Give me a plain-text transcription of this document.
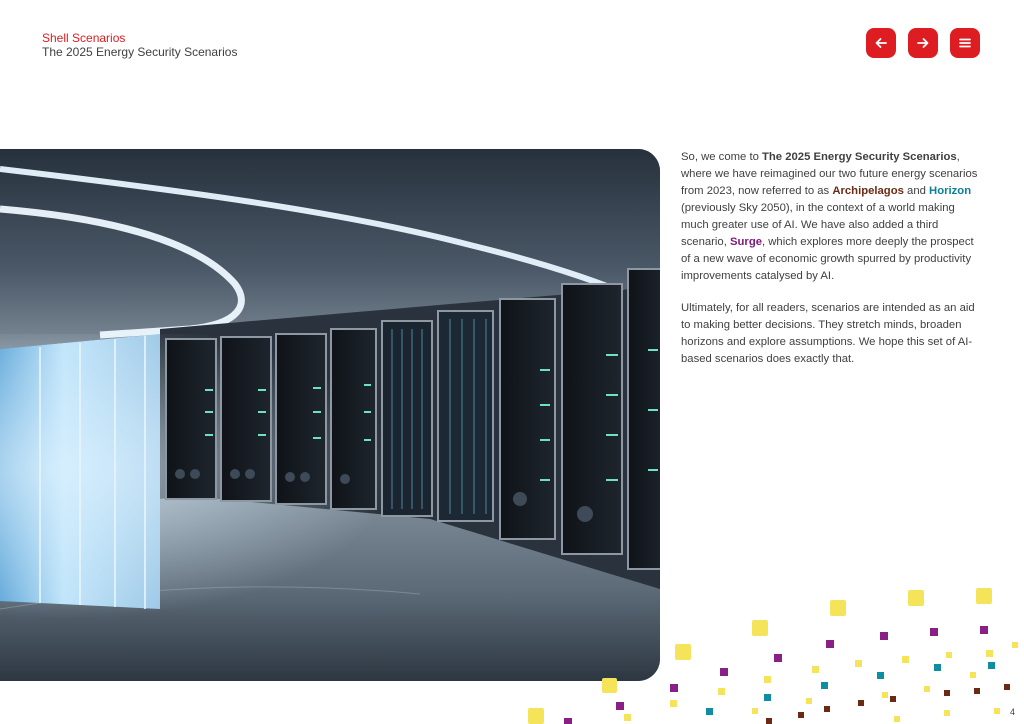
Shell Scenarios
The 2025 Energy Security Scenarios

So, we come to The 2025 Energy Security Scenarios, where we have reimagined our two future energy scenarios from 2023, now referred to as Archipelagos and Horizon (previously Sky 2050), in the context of a world making much greater use of AI. We have also added a third scenario, Surge, which explores more deeply the prospect of a new wave of economic growth spurred by productivity improvements catalysed by AI.

Ultimately, for all readers, scenarios are intended as an aid to making better decisions. They stretch minds, broaden horizons and explore assumptions. We hope this set of AI-based scenarios does exactly that.

4
